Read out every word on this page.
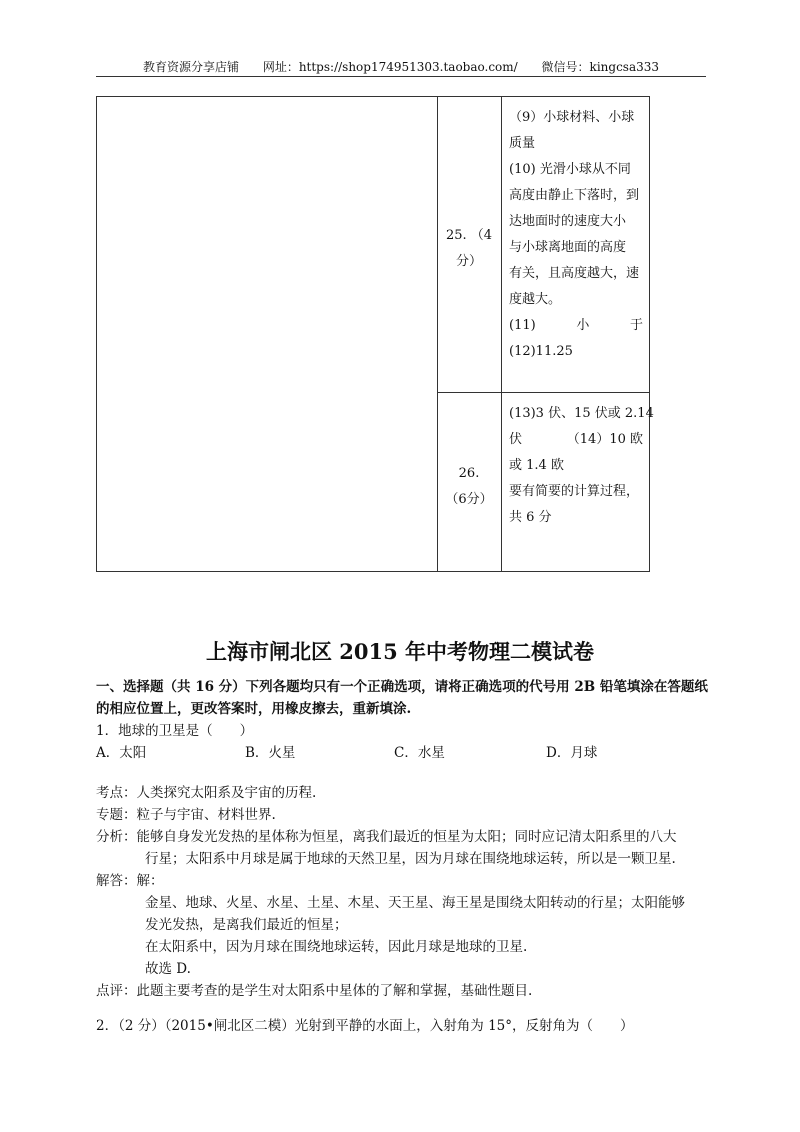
教育资源分享店铺 网址：https://shop174951303.taobao.com/ 微信号：kingcsa333
25. （4
分）
（9）小球材料、小球
质量
(10) 光滑小球从不同
高度由静止下落时，到
达地面时的速度大小
与小球离地面的高度
有关，且高度越大，速
度越大。
(11)	小	于
(12)11.25
26.
（6分）
(13)3 伏、15 伏或 2.14
伏	（14）10 欧
或 1.4 欧
要有简要的计算过程，
共 6 分
上海市闸北区 2015 年中考物理二模试卷
一、选择题（共 16 分）下列各题均只有一个正确选项，请将正确选项的代号用 2B 铅笔填涂在答题纸的相应位置上，更改答案时，用橡皮擦去，重新填涂.
1．地球的卫星是（　　）
A．太阳	B．火星	C．水星	D．月球
考点：人类探究太阳系及宇宙的历程.
专题：粒子与宇宙、材料世界.
分析：能够自身发光发热的星体称为恒星，离我们最近的恒星为太阳；同时应记清太阳系里的八大
行星；太阳系中月球是属于地球的天然卫星，因为月球在围绕地球运转，所以是一颗卫星.
解答：解：
金星、地球、火星、水星、土星、木星、天王星、海王星是围绕太阳转动的行星；太阳能够
发光发热，是离我们最近的恒星；
在太阳系中，因为月球在围绕地球运转，因此月球是地球的卫星.
故选 D.
点评：此题主要考查的是学生对太阳系中星体的了解和掌握，基础性题目.
2．（2 分）（2015•闸北区二模）光射到平静的水面上，入射角为 15°，反射角为（　　）
